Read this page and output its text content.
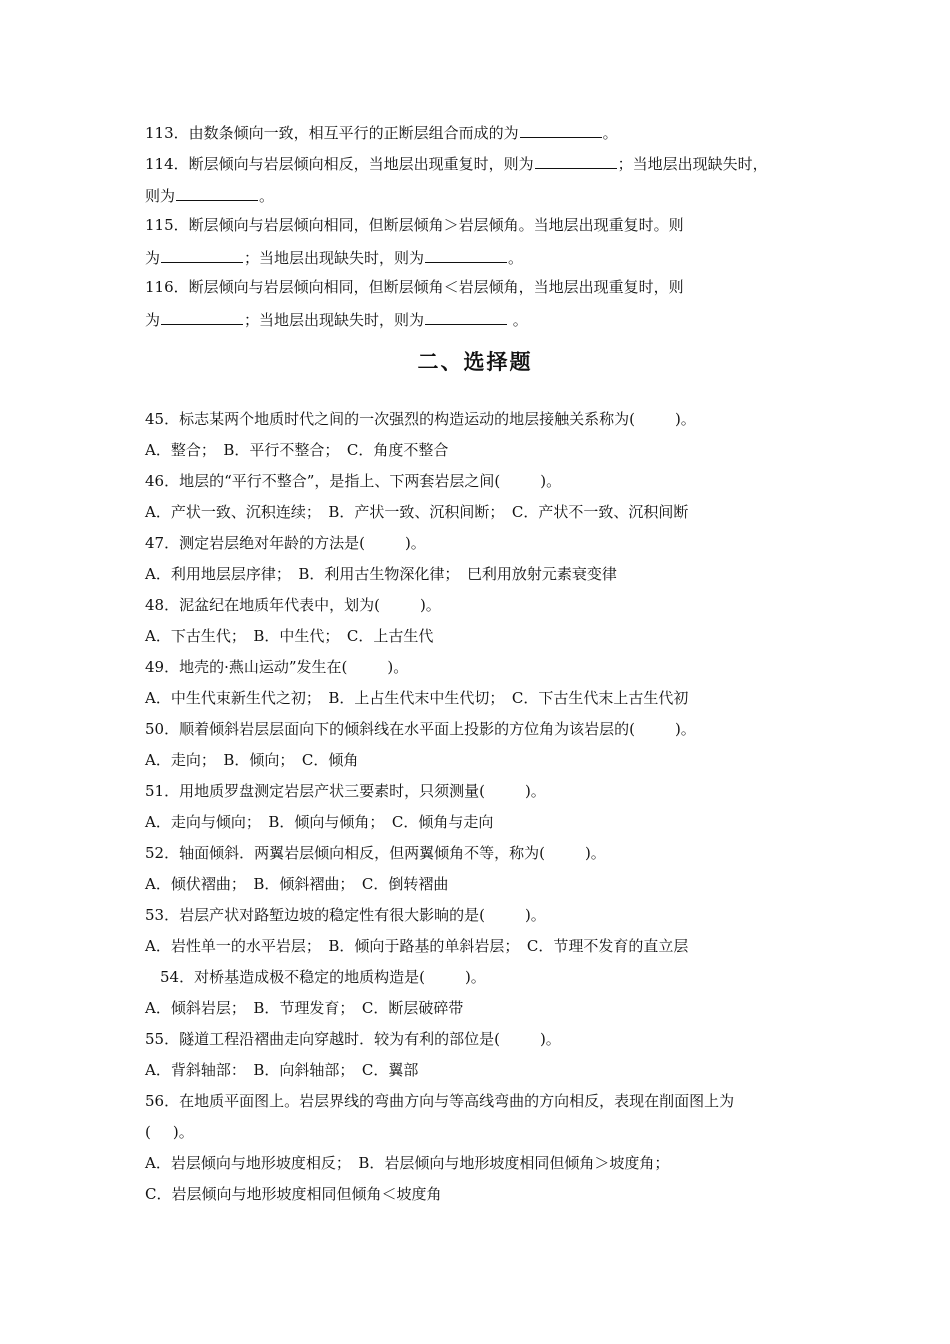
113．由数条倾向一致，相互平行的正断层组合而成的为	。
114．断层倾向与岩层倾向相反，当地层出现重复时，则为	；当地层出现缺失时，
则为	。
115．断层倾向与岩层倾向相同，但断层倾角＞岩层倾角。当地层出现重复时。则
为	；当地层出现缺失时，则为	。
116．断层倾向与岩层倾向相同，但断层倾角＜岩层倾角，当地层出现重复时，则
为	；当地层出现缺失时，则为	。
二、选择题
45．标志某两个地质时代之间的一次强烈的构造运动的地层接触关系称为(	)。
A．整合；　B．平行不整合；　C．角度不整合
46．地层的“平行不整合”，是指上、下两套岩层之间(	)。
A．产状一致、沉积连续；　B．产状一致、沉积间断；　C．产状不一致、沉积间断
47．测定岩层绝对年龄的方法是(	)。
A．利用地层层序律；　B．利用古生物深化律；　巳利用放射元素衰变律
48．泥盆纪在地质年代表中，划为(	)。
A．下古生代；　B．中生代；　C．上古生代
49．地壳的·燕山运动”发生在(	)。
A．中生代束新生代之初；　B．上占生代末中生代切；　C．下古生代末上古生代初
50．顺着倾斜岩层层面向下的倾斜线在水平面上投影的方位角为该岩层的(	)。
A．走向；　B．倾向；　C．倾角
51．用地质罗盘测定岩层产状三要素时，只须测量(	)。
A．走向与倾向；　B．倾向与倾角；　C．倾角与走向
52．轴面倾斜．两翼岩层倾向相反，但两翼倾角不等，称为(	)。
A．倾伏褶曲；　B．倾斜褶曲；　C．倒转褶曲
53．岩层产状对路堑边坡的稳定性有很大影晌的是(	)。
A．岩性单一的水平岩层；　B．倾向于路基的单斜岩层；　C．节理不发育的直立层
54．对桥基造成极不稳定的地质构造是(	)。
A．倾斜岩层；　B．节理发育；　C．断层破碎带
55．隧道工程沿褶曲走向穿越时．较为有利的部位是(	)。
A．背斜轴部：　B．向斜轴部；　C．翼部
56．在地质平面图上。岩层界线的弯曲方向与等高线弯曲的方向相反，表现在削面图上为
( )。
A．岩层倾向与地形坡度相反；　B．岩层倾向与地形坡度相同但倾角＞坡度角；
C．岩层倾向与地形坡度相同但倾角＜坡度角
